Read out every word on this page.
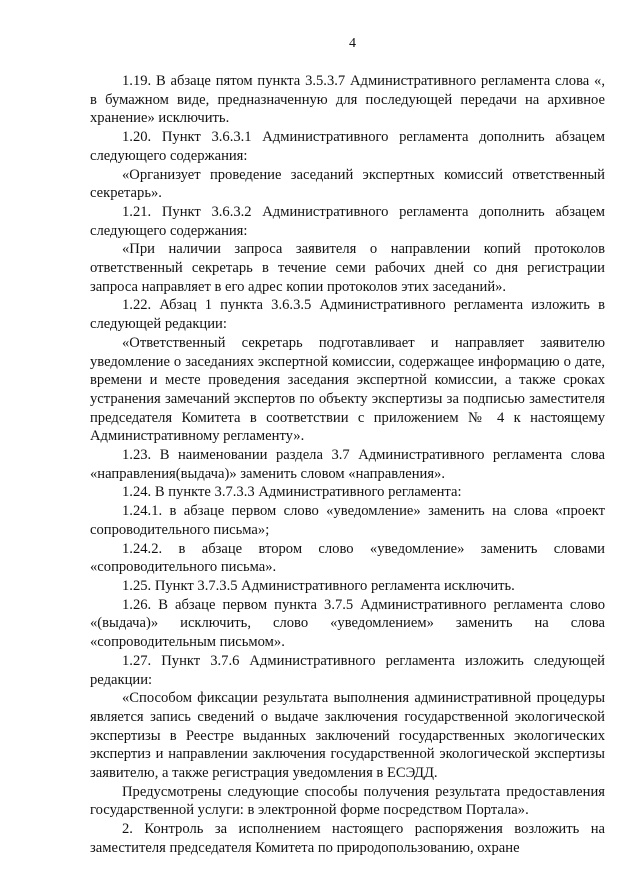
4

1.19. В абзаце пятом пункта 3.5.3.7 Административного регламента слова «, в бумажном виде, предназначенную для последующей передачи на архивное хранение» исключить.

1.20. Пункт 3.6.3.1 Административного регламента дополнить абзацем следующего содержания:

«Организует проведение заседаний экспертных комиссий ответственный секретарь».

1.21. Пункт 3.6.3.2 Административного регламента дополнить абзацем следующего содержания:

«При наличии запроса заявителя о направлении копий протоколов ответственный секретарь в течение семи рабочих дней со дня регистрации запроса направляет в его адрес копии протоколов этих заседаний».

1.22. Абзац 1 пункта 3.6.3.5 Административного регламента изложить в следующей редакции:

«Ответственный секретарь подготавливает и направляет заявителю уведомление о заседаниях экспертной комиссии, содержащее информацию о дате, времени и месте проведения заседания экспертной комиссии, а также сроках устранения замечаний экспертов по объекту экспертизы за подписью заместителя председателя Комитета в соответствии с приложением № 4 к настоящему Административному регламенту».

1.23. В наименовании раздела 3.7 Административного регламента слова «направления(выдача)» заменить словом «направления».

1.24. В пункте 3.7.3.3 Административного регламента:

1.24.1. в абзаце первом слово «уведомление» заменить на слова «проект сопроводительного письма»;

1.24.2. в абзаце втором слово «уведомление» заменить словами «сопроводительного письма».

1.25. Пункт 3.7.3.5 Административного регламента исключить.

1.26. В абзаце первом пункта 3.7.5 Административного регламента слово «(выдача)» исключить, слово «уведомлением» заменить на слова «сопроводительным письмом».

1.27. Пункт 3.7.6 Административного регламента изложить следующей редакции:

«Способом фиксации результата выполнения административной процедуры является запись сведений о выдаче заключения государственной экологической экспертизы в Реестре выданных заключений государственных экологических экспертиз и направлении заключения государственной экологической экспертизы заявителю, а также регистрация уведомления в ЕСЭДД.

Предусмотрены следующие способы получения результата предоставления государственной услуги: в электронной форме посредством Портала».

2. Контроль за исполнением настоящего распоряжения возложить на заместителя председателя Комитета по природопользованию, охране
